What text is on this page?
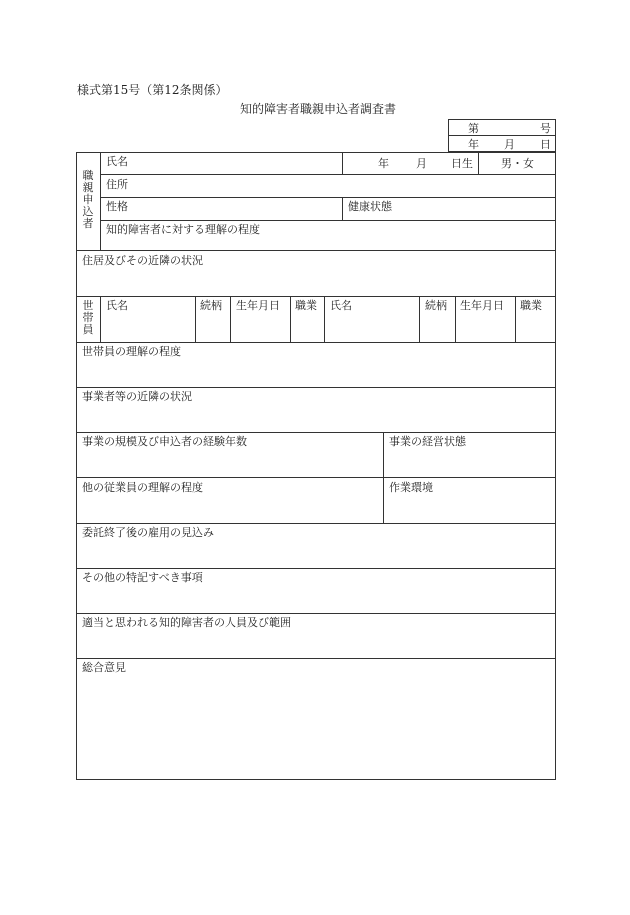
様式第15号（第12条関係）
知的障害者職親申込者調査書
第	号
年 月 日
職親申込者
氏名	年 月 日生	男・女
住所
性格	健康状態
知的障害者に対する理解の程度
住居及びその近隣の状況
世帯員
氏名	続柄 生年月日 職業 氏名	続柄 生年月日 職業
世帯員の理解の程度
事業者等の近隣の状況
事業の規模及び申込者の経験年数	事業の経営状態
他の従業員の理解の程度	作業環境
委託終了後の雇用の見込み
その他の特記すべき事項
適当と思われる知的障害者の人員及び範囲
総合意見
